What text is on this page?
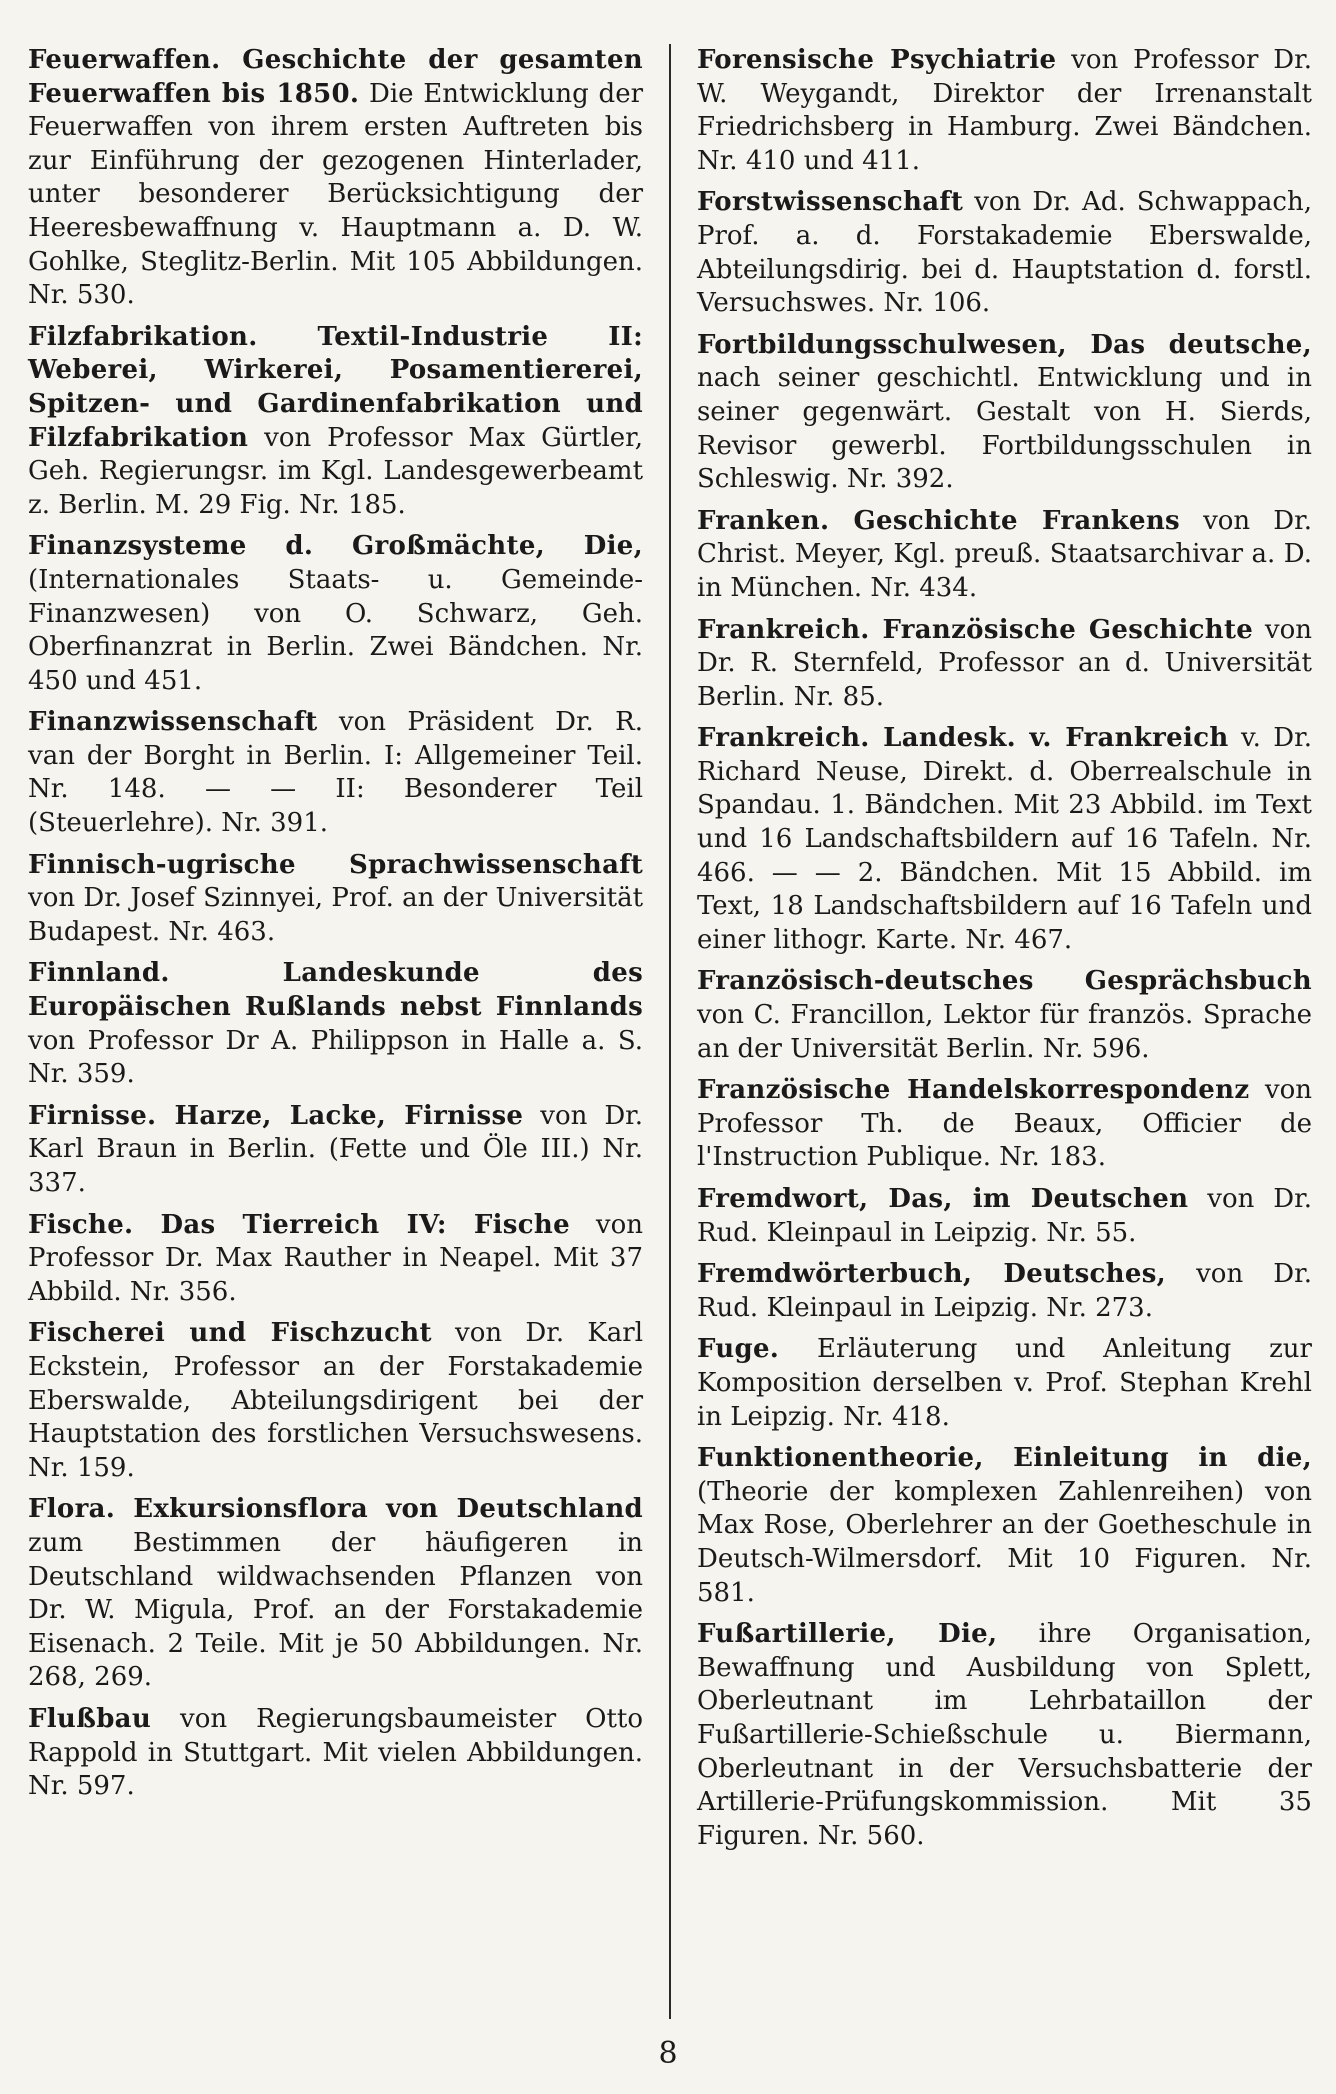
Feuerwaffen. Geschichte der gesamten Feuerwaffen bis 1850. Die Entwicklung der Feuerwaffen von ihrem ersten Auftreten bis zur Einführung der gezogenen Hinterlader, unter besonderer Berücksichtigung der Heeresbewaffnung v. Hauptmann a. D. W. Gohlke, Steglitz-Berlin. Mit 105 Abbildungen. Nr. 530.
Filzfabrikation. Textil-Industrie II: Weberei, Wirkerei, Posamentiererei, Spitzen- und Gardinenfabrikation und Filzfabrikation von Professor Max Gürtler, Geh. Regierungsr. im Kgl. Landesgewerbeamt z. Berlin. M. 29 Fig. Nr. 185.
Finanzsysteme d. Großmächte, Die, (Internationales Staats- u. Gemeinde-Finanzwesen) von O. Schwarz, Geh. Oberfinanzrat in Berlin. Zwei Bändchen. Nr. 450 und 451.
Finanzwissenschaft von Präsident Dr. R. van der Borght in Berlin. I: Allgemeiner Teil. Nr. 148. — — II: Besonderer Teil (Steuerlehre). Nr. 391.
Finnisch-ugrische Sprachwissenschaft von Dr. Josef Szinnyei, Prof. an der Universität Budapest. Nr. 463.
Finnland. Landeskunde des Europäischen Rußlands nebst Finnlands von Professor Dr A. Philippson in Halle a. S. Nr. 359.
Firnisse. Harze, Lacke, Firnisse von Dr. Karl Braun in Berlin. (Fette und Öle III.) Nr. 337.
Fische. Das Tierreich IV: Fische von Professor Dr. Max Rauther in Neapel. Mit 37 Abbild. Nr. 356.
Fischerei und Fischzucht von Dr. Karl Eckstein, Professor an der Forstakademie Eberswalde, Abteilungsdirigent bei der Hauptstation des forstlichen Versuchswesens. Nr. 159.
Flora. Exkursionsflora von Deutschland zum Bestimmen der häufigeren in Deutschland wildwachsenden Pflanzen von Dr. W. Migula, Prof. an der Forstakademie Eisenach. 2 Teile. Mit je 50 Abbildungen. Nr. 268, 269.
Flußbau von Regierungsbaumeister Otto Rappold in Stuttgart. Mit vielen Abbildungen. Nr. 597.
Forensische Psychiatrie von Professor Dr. W. Weygandt, Direktor der Irrenanstalt Friedrichsberg in Hamburg. Zwei Bändchen. Nr. 410 und 411.
Forstwissenschaft von Dr. Ad. Schwappach, Prof. a. d. Forstakademie Eberswalde, Abteilungsdirig. bei d. Hauptstation d. forstl. Versuchswes. Nr. 106.
Fortbildungsschulwesen, Das deutsche, nach seiner geschichtl. Entwicklung und in seiner gegenwärt. Gestalt von H. Sierds, Revisor gewerbl. Fortbildungsschulen in Schleswig. Nr. 392.
Franken. Geschichte Frankens von Dr. Christ. Meyer, Kgl. preuß. Staatsarchivar a. D. in München. Nr. 434.
Frankreich. Französische Geschichte von Dr. R. Sternfeld, Professor an d. Universität Berlin. Nr. 85.
Frankreich. Landesk. v. Frankreich v. Dr. Richard Neuse, Direkt. d. Oberrealschule in Spandau. 1. Bändchen. Mit 23 Abbild. im Text und 16 Landschaftsbildern auf 16 Tafeln. Nr. 466. — — 2. Bändchen. Mit 15 Abbild. im Text, 18 Landschaftsbildern auf 16 Tafeln und einer lithogr. Karte. Nr. 467.
Französisch-deutsches Gesprächsbuch von C. Francillon, Lektor für französ. Sprache an der Universität Berlin. Nr. 596.
Französische Handelskorrespondenz von Professor Th. de Beaux, Officier de l'Instruction Publique. Nr. 183.
Fremdwort, Das, im Deutschen von Dr. Rud. Kleinpaul in Leipzig. Nr. 55.
Fremdwörterbuch, Deutsches, von Dr. Rud. Kleinpaul in Leipzig. Nr. 273.
Fuge. Erläuterung und Anleitung zur Komposition derselben v. Prof. Stephan Krehl in Leipzig. Nr. 418.
Funktionentheorie, Einleitung in die, (Theorie der komplexen Zahlenreihen) von Max Rose, Oberlehrer an der Goetheschule in Deutsch-Wilmersdorf. Mit 10 Figuren. Nr. 581.
Fußartillerie, Die, ihre Organisation, Bewaffnung und Ausbildung von Splett, Oberleutnant im Lehrbataillon der Fußartillerie-Schießschule u. Biermann, Oberleutnant in der Versuchsbatterie der Artillerie-Prüfungskommission. Mit 35 Figuren. Nr. 560.
8
